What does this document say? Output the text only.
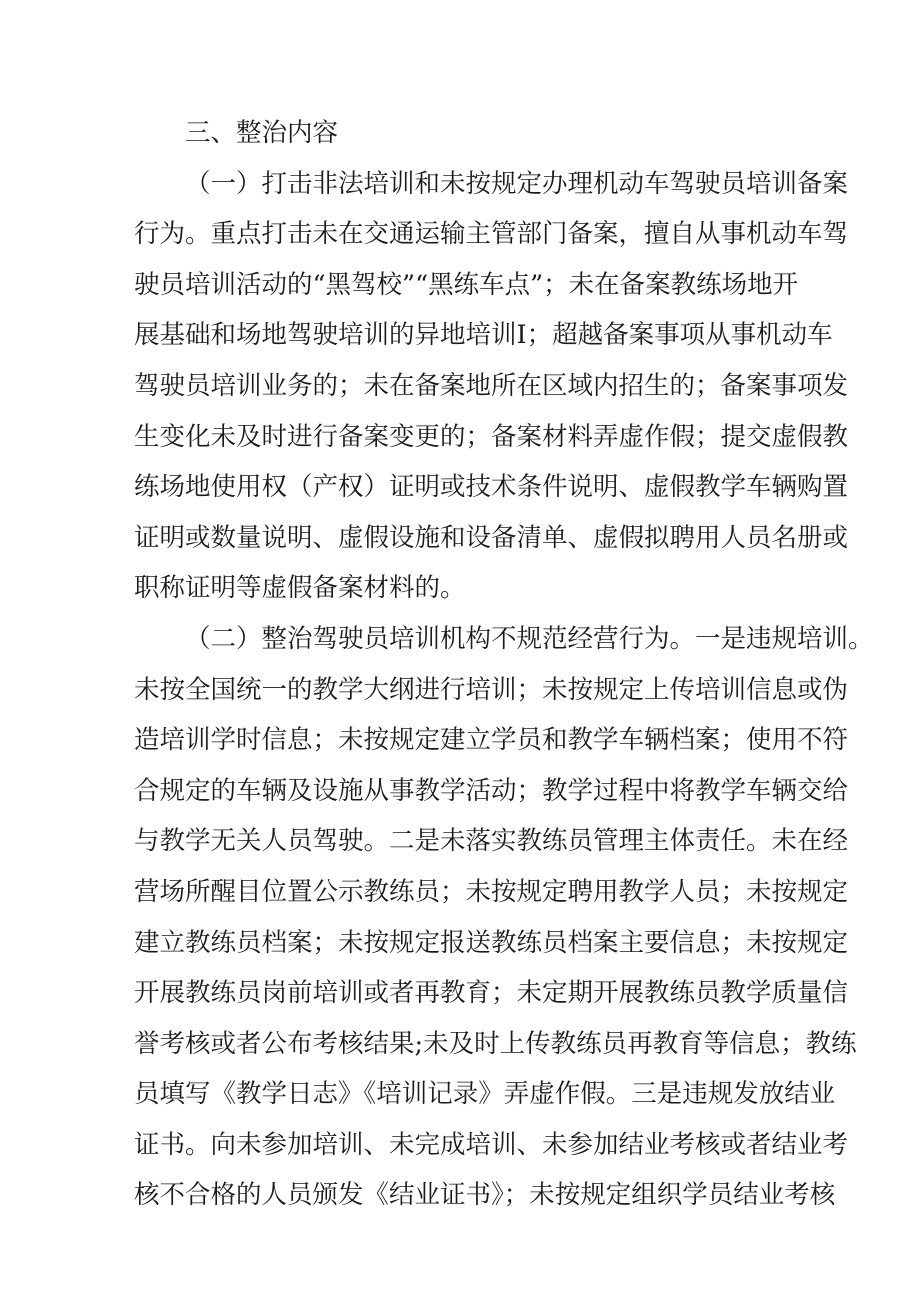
三、整治内容
（一）打击非法培训和未按规定办理机动车驾驶员培训备案
行为。重点打击未在交通运输主管部门备案，擅自从事机动车驾
驶员培训活动的“黑驾校”“黑练车点”；未在备案教练场地开
展基础和场地驾驶培训的异地培训I；超越备案事项从事机动车
驾驶员培训业务的；未在备案地所在区域内招生的；备案事项发
生变化未及时进行备案变更的；备案材料弄虚作假；提交虚假教
练场地使用权（产权）证明或技术条件说明、虚假教学车辆购置
证明或数量说明、虚假设施和设备清单、虚假拟聘用人员名册或
职称证明等虚假备案材料的。
（二）整治驾驶员培训机构不规范经营行为。一是违规培训。
未按全国统一的教学大纲进行培训；未按规定上传培训信息或伪
造培训学时信息；未按规定建立学员和教学车辆档案；使用不符
合规定的车辆及设施从事教学活动；教学过程中将教学车辆交给
与教学无关人员驾驶。二是未落实教练员管理主体责任。未在经
营场所醒目位置公示教练员；未按规定聘用教学人员；未按规定
建立教练员档案；未按规定报送教练员档案主要信息；未按规定
开展教练员岗前培训或者再教育；未定期开展教练员教学质量信
誉考核或者公布考核结果;未及时上传教练员再教育等信息；教练
员填写《教学日志》《培训记录》弄虚作假。三是违规发放结业
证书。向未参加培训、未完成培训、未参加结业考核或者结业考
核不合格的人员颁发《结业证书》；未按规定组织学员结业考核
